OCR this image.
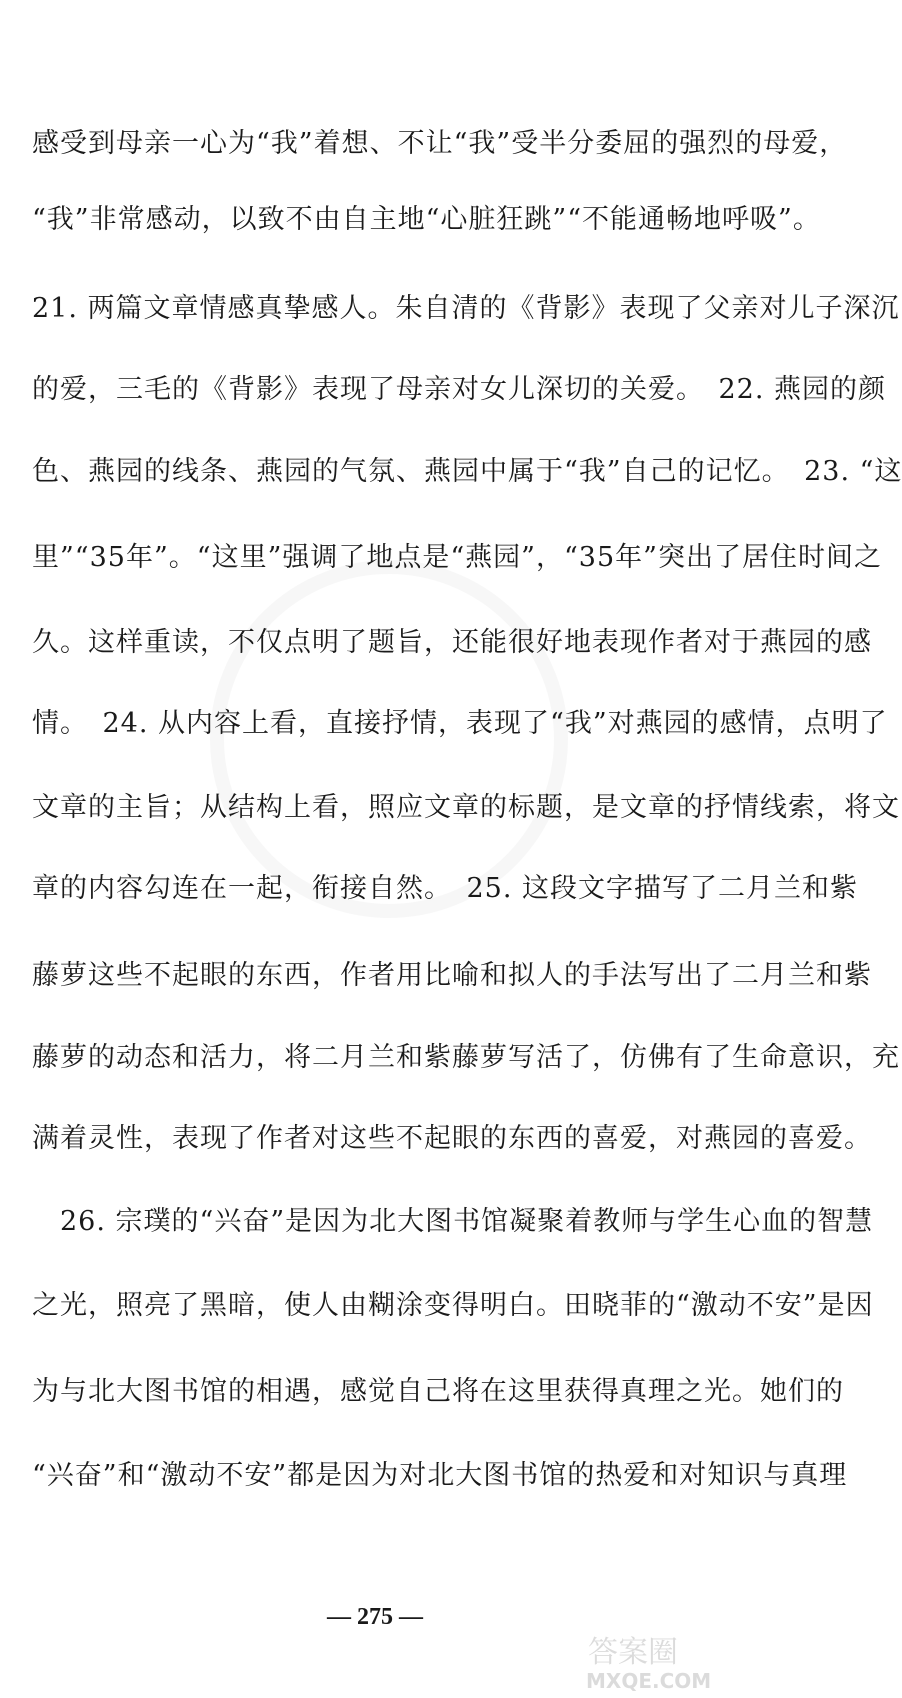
感受到母亲一心为“我”着想、不让“我”受半分委屈的强烈的母爱，
“我”非常感动，以致不由自主地“心脏狂跳”“不能通畅地呼吸”。
21. 两篇文章情感真挚感人。朱自清的《背影》表现了父亲对儿子深沉
的爱，三毛的《背影》表现了母亲对女儿深切的关爱。　22. 燕园的颜
色、燕园的线条、燕园的气氛、燕园中属于“我”自己的记忆。　23. “这
里”“35年”。“这里”强调了地点是“燕园”，“35年”突出了居住时间之
久。这样重读，不仅点明了题旨，还能很好地表现作者对于燕园的感
情。　24. 从内容上看，直接抒情，表现了“我”对燕园的感情，点明了
文章的主旨；从结构上看，照应文章的标题，是文章的抒情线索，将文
章的内容勾连在一起，衔接自然。　25. 这段文字描写了二月兰和紫
藤萝这些不起眼的东西，作者用比喻和拟人的手法写出了二月兰和紫
藤萝的动态和活力，将二月兰和紫藤萝写活了，仿佛有了生命意识，充
满着灵性，表现了作者对这些不起眼的东西的喜爱，对燕园的喜爱。
　26. 宗璞的“兴奋”是因为北大图书馆凝聚着教师与学生心血的智慧
之光，照亮了黑暗，使人由糊涂变得明白。田晓菲的“激动不安”是因
为与北大图书馆的相遇，感觉自己将在这里获得真理之光。她们的
“兴奋”和“激动不安”都是因为对北大图书馆的热爱和对知识与真理
— 275 —
答案圈
MXQE.COM
